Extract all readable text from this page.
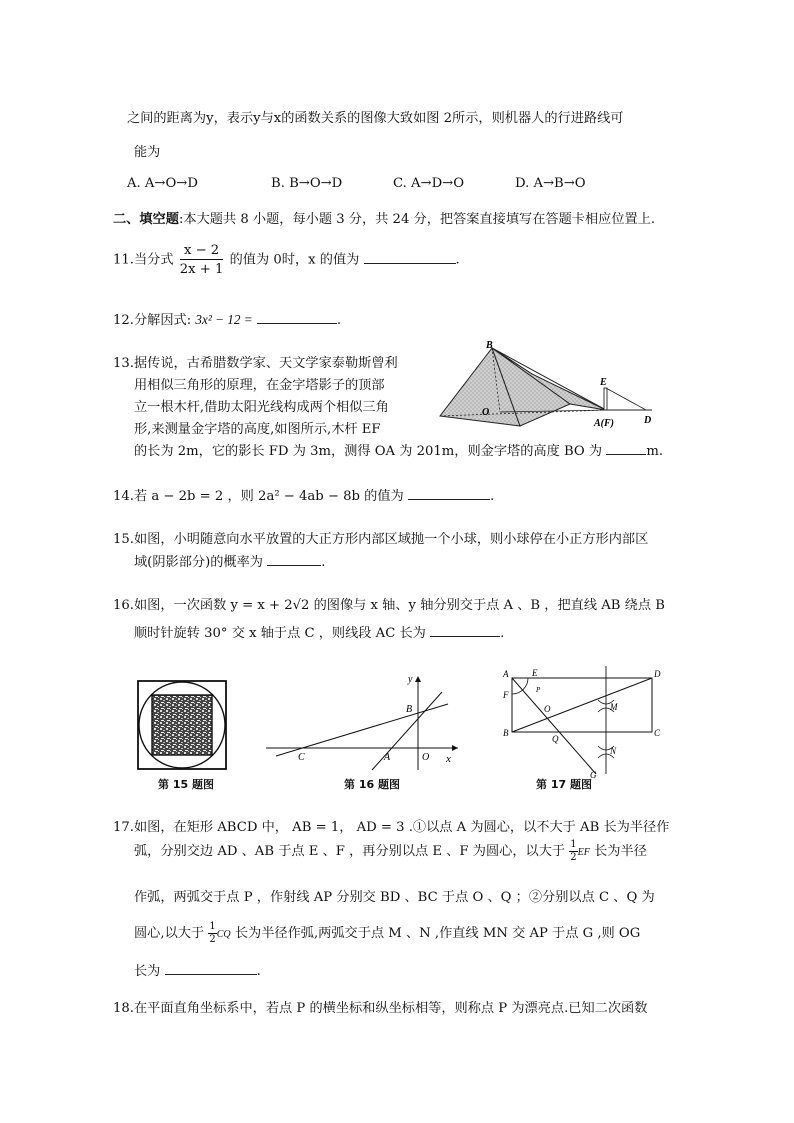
之间的距离为y，表示y与x的函数关系的图像大致如图 2所示，则机器人的行进路线可
能为
A. A→O→D	B. B→O→D	C. A→D→O	D. A→B→O
二、填空题:本大题共 8 小题，每小题 3 分，共 24 分，把答案直接填写在答题卡相应位置上.
11.当分式 $\frac{x - 2}{2x + 1}$ 的值为 0时，x 的值为	.
12.分解因式: 3x² − 12 =	.
13.据传说，古希腊数学家、天文学家泰勒斯曾利
用相似三角形的原理，在金字塔影子的顶部
立一根木杆,借助太阳光线构成两个相似三角
形,来测量金字塔的高度,如图所示,木杆 EF
的长为 2m，它的影长 FD 为 3m，测得 OA 为 201m，则金字塔的高度 BO 为	m.
B
O
E
D
A(F)
14.若 a − 2b = 2 ，则 2a² − 4ab − 8b 的值为	.
15.如图，小明随意向水平放置的大正方形内部区域抛一个小球，则小球停在小正方形内部区
域(阴影部分)的概率为	.
16.如图，一次函数 y = x + 2√2 的图像与 x 轴、y 轴分别交于点 A 、B ，把直线 AB 绕点 B
顺时针旋转 30° 交 x 轴于点 C ，则线段 AC 长为	.
y
x
B
C	A	O
A	E	D
F	P
O	M
B
Q
C
N
G
第 15 题图	第 16 题图	第 17 题图
17.如图，在矩形 ABCD 中， AB = 1， AD = 3 .①以点 A 为圆心，以不大于 AB 长为半径作
弧，分别交边 AD 、AB 于点 E 、F ，再分别以点 E 、F 为圆心，以大于 $\frac{1}{2}$ EF 长为半径
作弧，两弧交于点 P ，作射线 AP 分别交 BD 、BC 于点 O 、Q ；②分别以点 C 、Q 为
圆心,以大于 $\frac{1}{2}$ CQ 长为半径作弧,两弧交于点 M 、N ,作直线 MN 交 AP 于点 G ,则 OG
长为	.
18.在平面直角坐标系中，若点 P 的横坐标和纵坐标相等，则称点 P 为漂亮点.已知二次函数
